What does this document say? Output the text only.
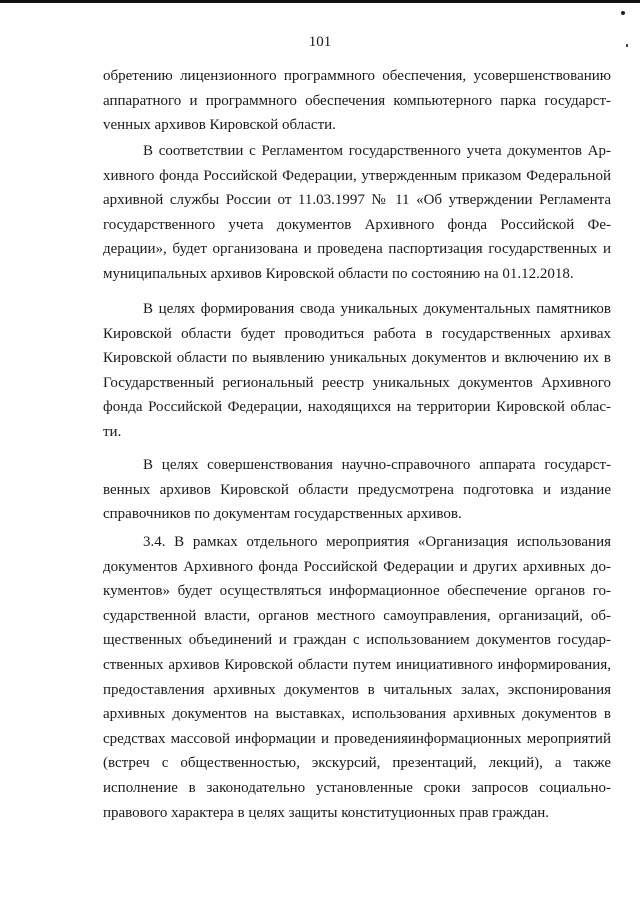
101

обретению лицензионного программного обеспечения, усовершенствованию аппаратного и программного обеспечения компьютерного парка государстvенных архивов Кировской области.

В соответствии с Регламентом государственного учета документов Архивного фонда Российской Федерации, утвержденным приказом Федеральной архивной службы России от 11.03.1997 № 11 «Об утверждении Регламента государственного учета документов Архивного фонда Российской Федерации», будет организована и проведена паспортизация государственных и муниципальных архивов Кировской области по состоянию на 01.12.2018.

В целях формирования свода уникальных документальных памятников Кировской области будет проводиться работа в государственных архивах Кировской области по выявлению уникальных документов и включению их в Государственный региональный реестр уникальных документов Архивного фонда Российской Федерации, находящихся на территории Кировской области.

В целях совершенствования научно-справочного аппарата государственных архивов Кировской области предусмотрена подготовка и издание справочников по документам государственных архивов.

3.4. В рамках отдельного мероприятия «Организация использования документов Архивного фонда Российской Федерации и других архивных документов» будет осуществляться информационное обеспечение органов государственной власти, органов местного самоуправления, организаций, общественных объединений и граждан с использованием документов государственных архивов Кировской области путем инициативного информирования, предоставления архивных документов в читальных залах, экспонирования архивных документов на выставках, использования архивных документов в средствах массовой информации и проведенияинформационных мероприятий (встреч с общественностью, экскурсий, презентаций, лекций), а также исполнение в законодательно установленные сроки запросов социально-правового характера в целях защиты конституционных прав граждан.
